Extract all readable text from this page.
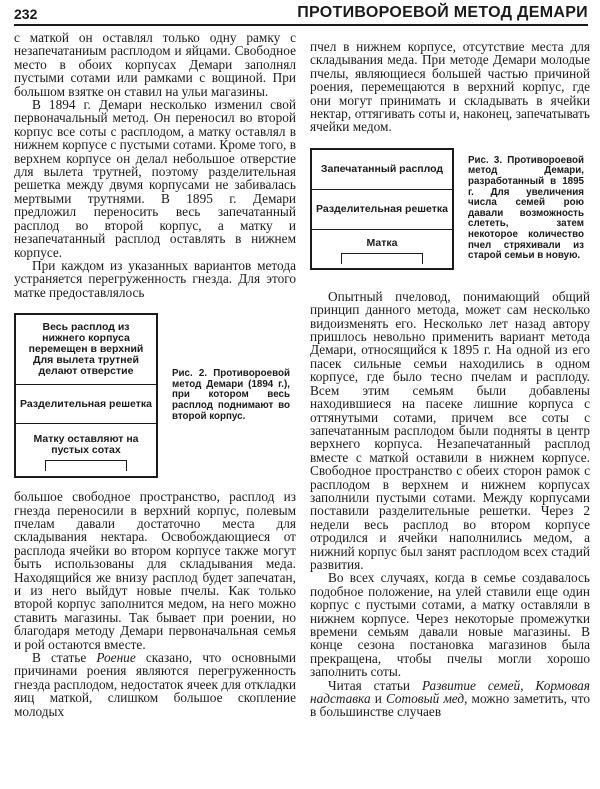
232	ПРОТИВОРОЕВОЙ МЕТОД ДЕМАРИ

с маткой он оставлял только одну рамку с незапечатаниым расплодом и яйцами. Свободное место в обоих корпусах Демари заполнял пустыми сотами или рамками с вощиной. При большом взятке он ставил на ульи магазины.

В 1894 г. Демари несколько изменил свой первоначальный метод. Он переносил во второй корпус все соты с расплодом, а матку оставлял в нижнем корпусе с пустыми сотами. Кроме того, в верхнем корпусе он делал небольшое отверстие для вылета трутней, поэтому разделительная решетка между двумя корпусами не забивалась мертвыми трутнями. В 1895 г. Демари предложил переносить весь запечатанный расплод во второй корпус, а матку и незапечатанный расплод оставлять в нижнем корпусе.

При каждом из указанных вариантов метода устраняется перегруженность гнезда. Для этого матке предоставлялось

Весь расплод из нижнего корпуса перемещен в верхний Для вылета трутней делают отверстие
Разделительная решетка
Матку оставляют на пустых сотах
Рис. 2. Противороевой метод Демари (1894 г.), при котором весь расплод поднимают во второй корпус.

большое свободное пространство, расплод из гнезда переносили в верхний корпус, полевым пчелам давали достаточно места для складывания нектара. Освобождающиеся от расплода ячейки во втором корпусе также могут быть использованы для складывания меда. Находящийся же внизу расплод будет запечатан, и из него выйдут новые пчелы. Как только второй корпус заполнится медом, на него можно ставить магазины. Так бывает при роении, но благодаря методу Демари первоначальная семья и рой остаются вместе.

В статье Роение сказано, что основными причинами роения являются перегруженность гнезда расплодом, недостаток ячеек для откладки яиц маткой, слишком большое скопление молодых

пчел в нижнем корпусе, отсутствие места для складывания меда. При методе Демари молодые пчелы, являющиеся большей частью причиной роения, перемещаются в верхний корпус, где они могут принимать и складывать в ячейки нектар, оттягивать соты и, наконец, запечатывать ячейки медом.

Запечатанный расплод
Разделительная решетка
Матка
Рис. 3. Противороевой метод Демари, разработанный в 1895 г. Для увеличения числа семей рою давали возможность слететь, затем некоторое количество пчел стряхивали из старой семьи в новую.

Опытный пчеловод, понимающий общий принцип данного метода, может сам несколько видоизменять его. Несколько лет назад автору пришлось невольно применить вариант метода Демари, относящийся к 1895 г. На одной из его пасек сильные семьи находились в одном корпусе, где было тесно пчелам и расплоду. Всем этим семьям были добавлены находившиеся на пасеке лишние корпуса с оттянутыми сотами, причем все соты с запечатанным расплодом были подняты в центр верхнего корпуса. Незапечатанный расплод вместе с маткой оставили в нижнем корпусе. Свободное пространство с обеих сторон рамок с расплодом в верхнем и нижнем корпусах заполнили пустыми сотами. Между корпусами поставили разделительные решетки. Через 2 недели весь расплод во втором корпусе отродился и ячейки наполнились медом, а нижний корпус был занят расплодом всех стадий развития.

Во всех случаях, когда в семье создавалось подобное положение, на улей ставили еще один корпус с пустыми сотами, а матку оставляли в нижнем корпусе. Через некоторые промежутки времени семьям давали новые магазины. В конце сезона постановка магазинов была прекращена, чтобы пчелы могли хорошо заполнить соты.

Читая статьи Развитие семей, Кормовая надставка и Сотовый мед, можно заметить, что в большинстве случаев
